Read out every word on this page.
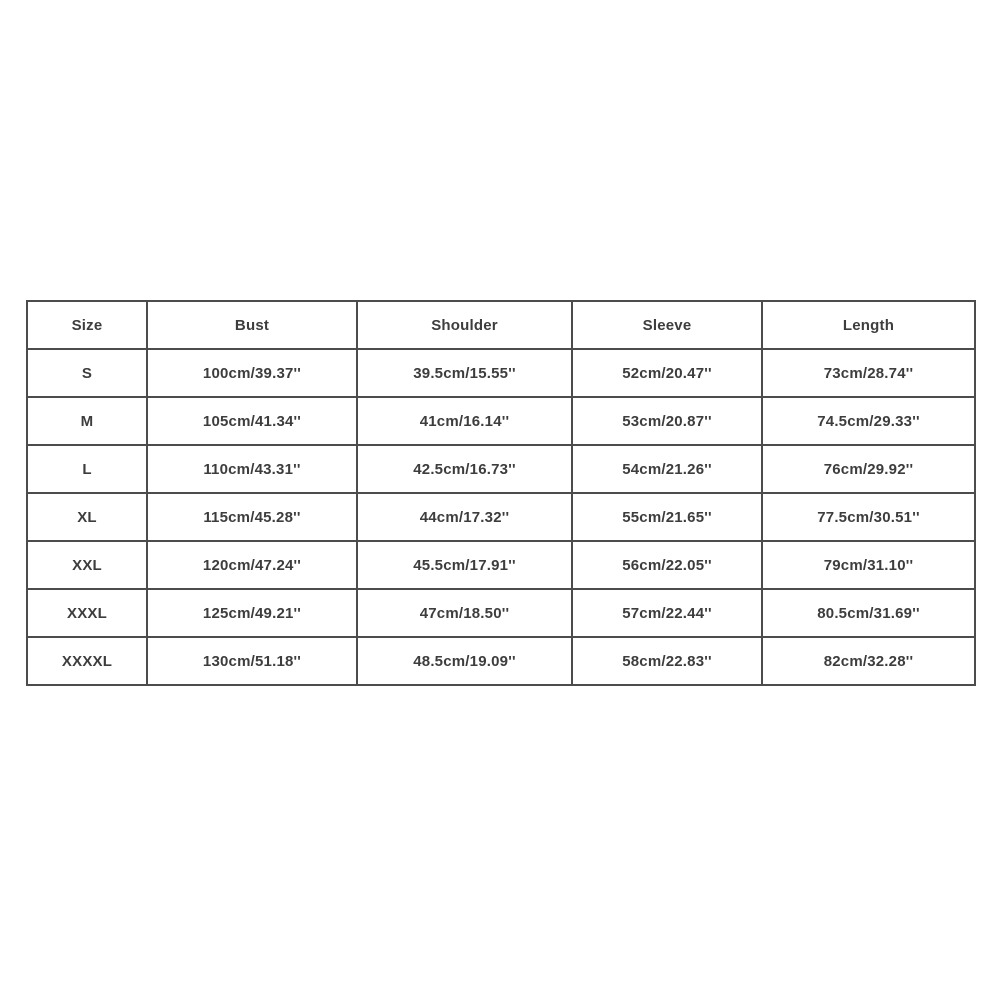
Size	Bust	Shoulder	Sleeve	Length
S	100cm/39.37''	39.5cm/15.55''	52cm/20.47''	73cm/28.74''
M	105cm/41.34''	41cm/16.14''	53cm/20.87''	74.5cm/29.33''
L	110cm/43.31''	42.5cm/16.73''	54cm/21.26''	76cm/29.92''
XL	115cm/45.28''	44cm/17.32''	55cm/21.65''	77.5cm/30.51''
XXL	120cm/47.24''	45.5cm/17.91''	56cm/22.05''	79cm/31.10''
XXXL	125cm/49.21''	47cm/18.50''	57cm/22.44''	80.5cm/31.69''
XXXXL	130cm/51.18''	48.5cm/19.09''	58cm/22.83''	82cm/32.28''
